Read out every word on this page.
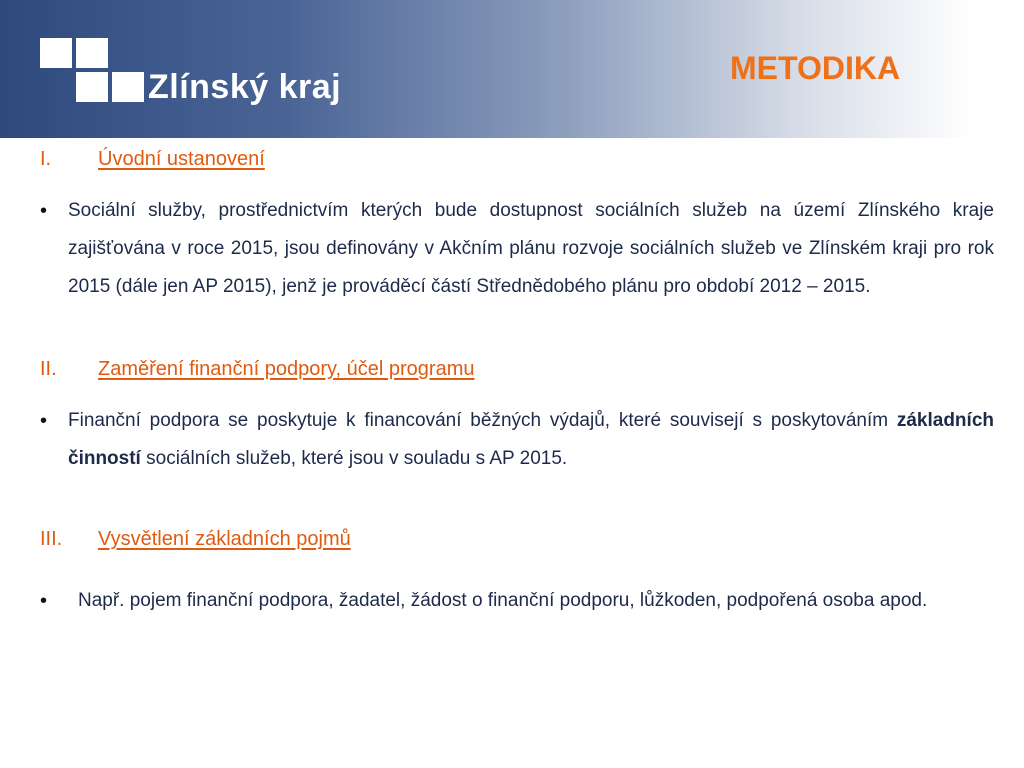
Zlínský kraj	METODIKA
I.	Úvodní ustanovení
•	Sociální služby, prostřednictvím kterých bude dostupnost sociálních služeb na území Zlínského kraje zajišťována v roce 2015, jsou definovány v Akčním plánu rozvoje sociálních služeb ve Zlínském kraji pro rok 2015 (dále jen AP 2015), jenž je prováděcí částí Střednědobého plánu pro období 2012 – 2015.
II.	Zaměření finanční podpory, účel programu
•	Finanční podpora se poskytuje k financování běžných výdajů, které souvisejí s poskytováním základních činností sociálních služeb, které jsou v souladu s AP 2015.
III.	Vysvětlení základních pojmů
•	Např. pojem finanční podpora, žadatel, žádost o finanční podporu, lůžkoden, podpořená osoba apod.
